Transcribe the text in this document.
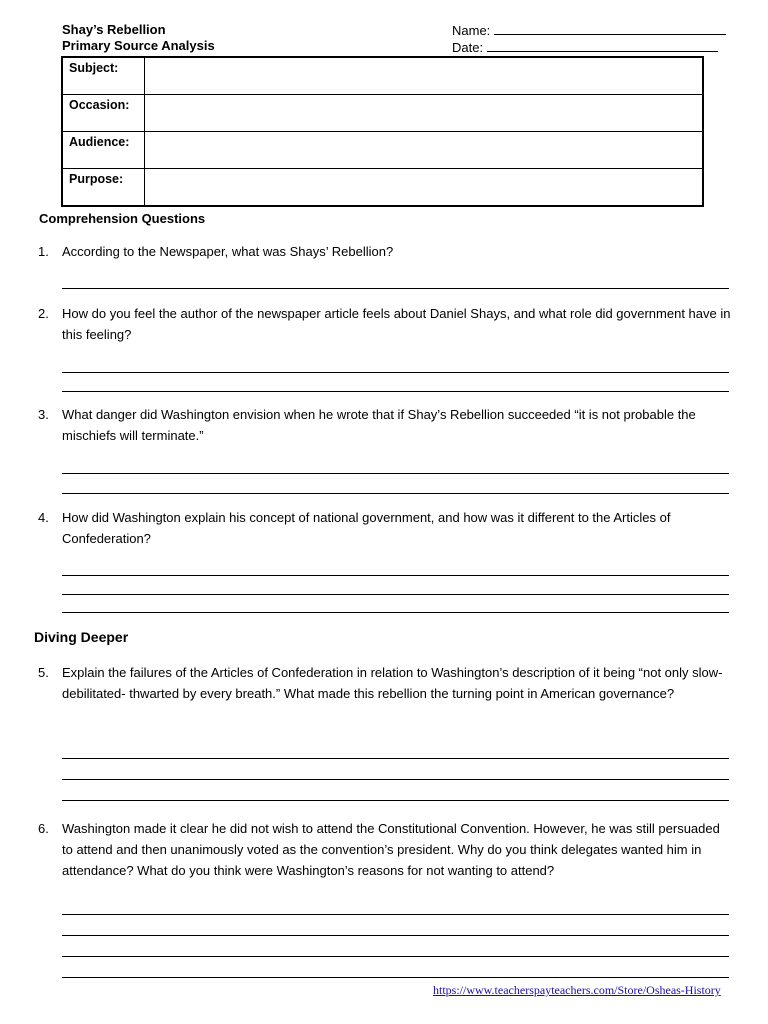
Shay’s Rebellion
Primary Source Analysis
Name:
Date:
Subject:	
Occasion:	
Audience:	
Purpose:	
Comprehension Questions
1. According to the Newspaper, what was Shays’ Rebellion?
2. How do you feel the author of the newspaper article feels about Daniel Shays, and what role did government have in this feeling?
3. What danger did Washington envision when he wrote that if Shay’s Rebellion succeeded “it is not probable the mischiefs will terminate.”
4. How did Washington explain his concept of national government, and how was it different to the Articles of Confederation?
Diving Deeper
5. Explain the failures of the Articles of Confederation in relation to Washington’s description of it being “not only slow- debilitated- thwarted by every breath.” What made this rebellion the turning point in American governance?
6. Washington made it clear he did not wish to attend the Constitutional Convention. However, he was still persuaded to attend and then unanimously voted as the convention’s president. Why do you think delegates wanted him in attendance? What do you think were Washington’s reasons for not wanting to attend?
https://www.teacherspayteachers.com/Store/Osheas-History
